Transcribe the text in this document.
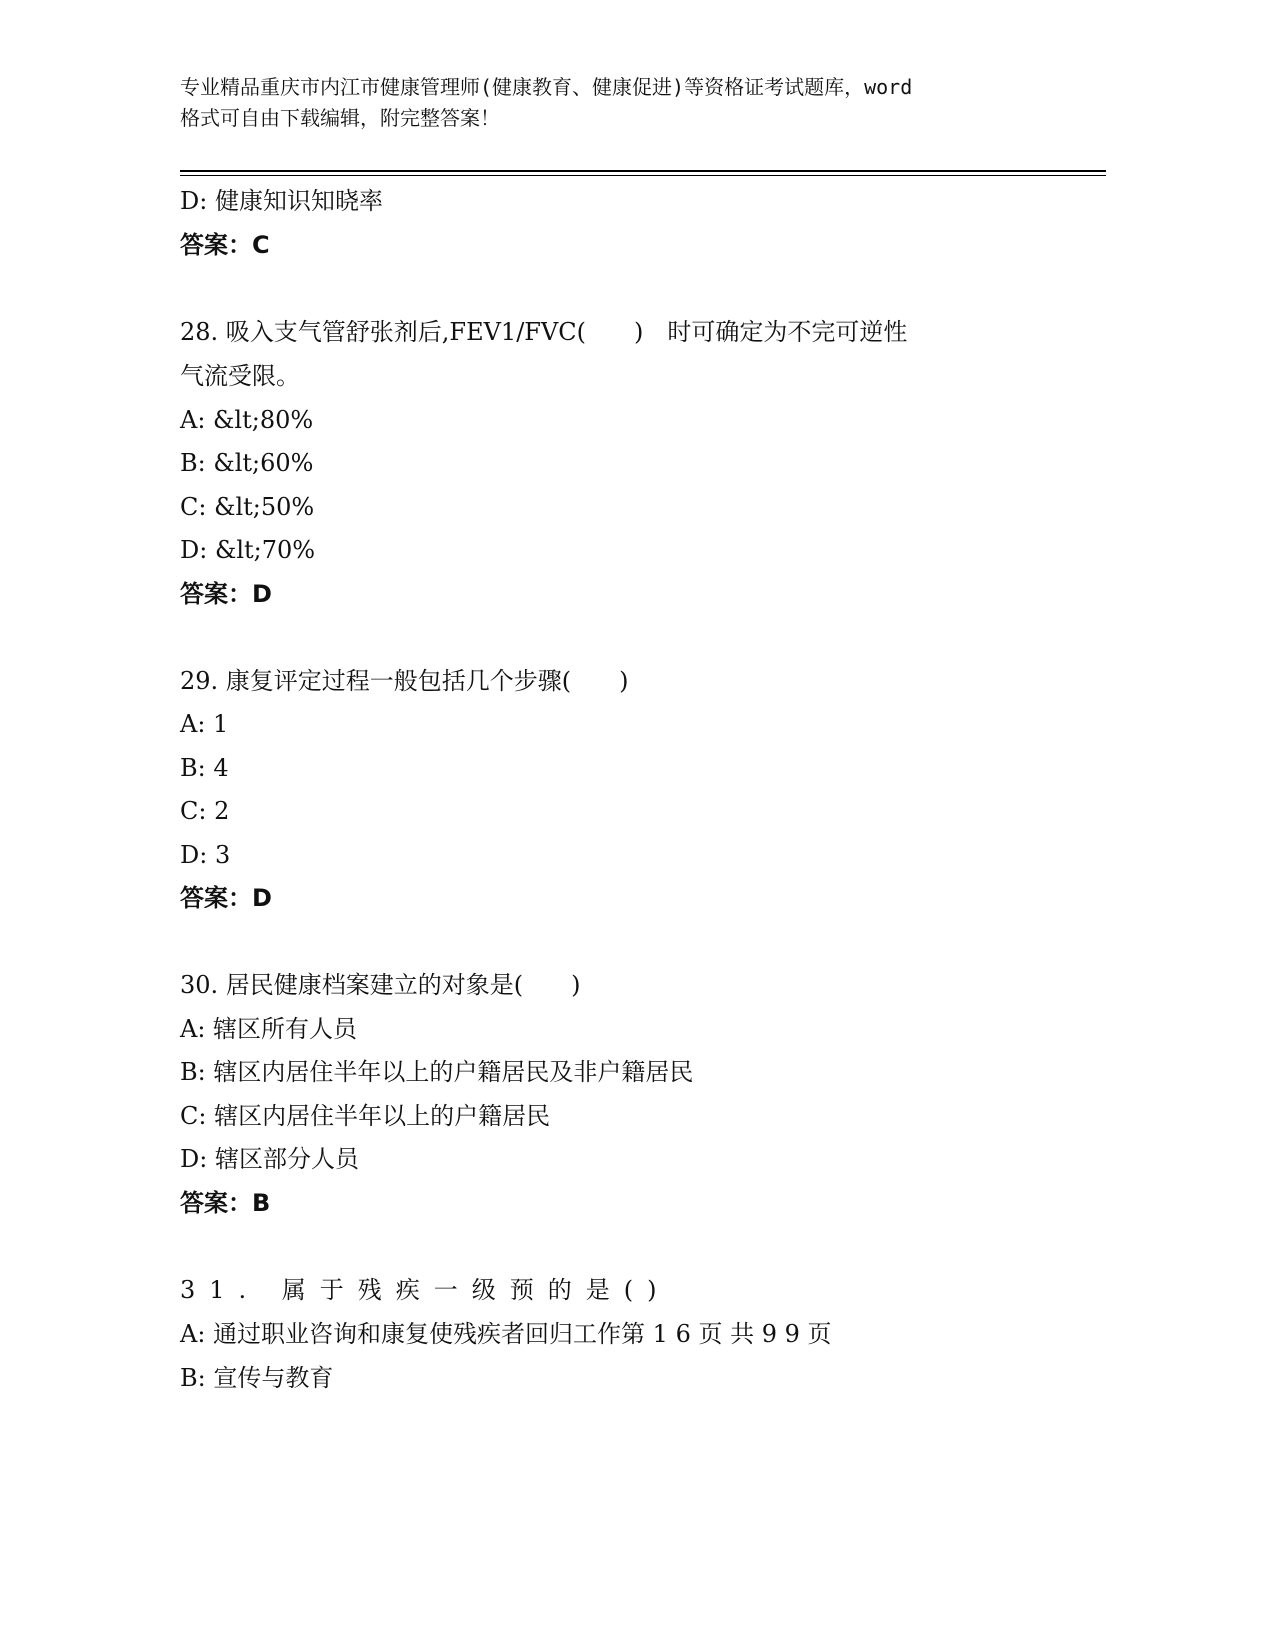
专业精品重庆市内江市健康管理师(健康教育、健康促进)等资格证考试题库，word
格式可自由下载编辑，附完整答案！
D: 健康知识知晓率
答案：C
28. 吸入支气管舒张剂后,FEV1/FVC(　　)　时可确定为不完可逆性
气流受限。
A: &lt;80%
B: &lt;60%
C: &lt;50%
D: &lt;70%
答案：D
29. 康复评定过程一般包括几个步骤(　　)
A: 1
B: 4
C: 2
D: 3
答案：D
30. 居民健康档案建立的对象是(　　)
A: 辖区所有人员
B: 辖区内居住半年以上的户籍居民及非户籍居民
C: 辖区内居住半年以上的户籍居民
D: 辖区部分人员
答案：B
31. 属于残疾一级预的是()
A: 通过职业咨询和康复使残疾者回归工作第 1 6 页 共 9 9 页
B: 宣传与教育
